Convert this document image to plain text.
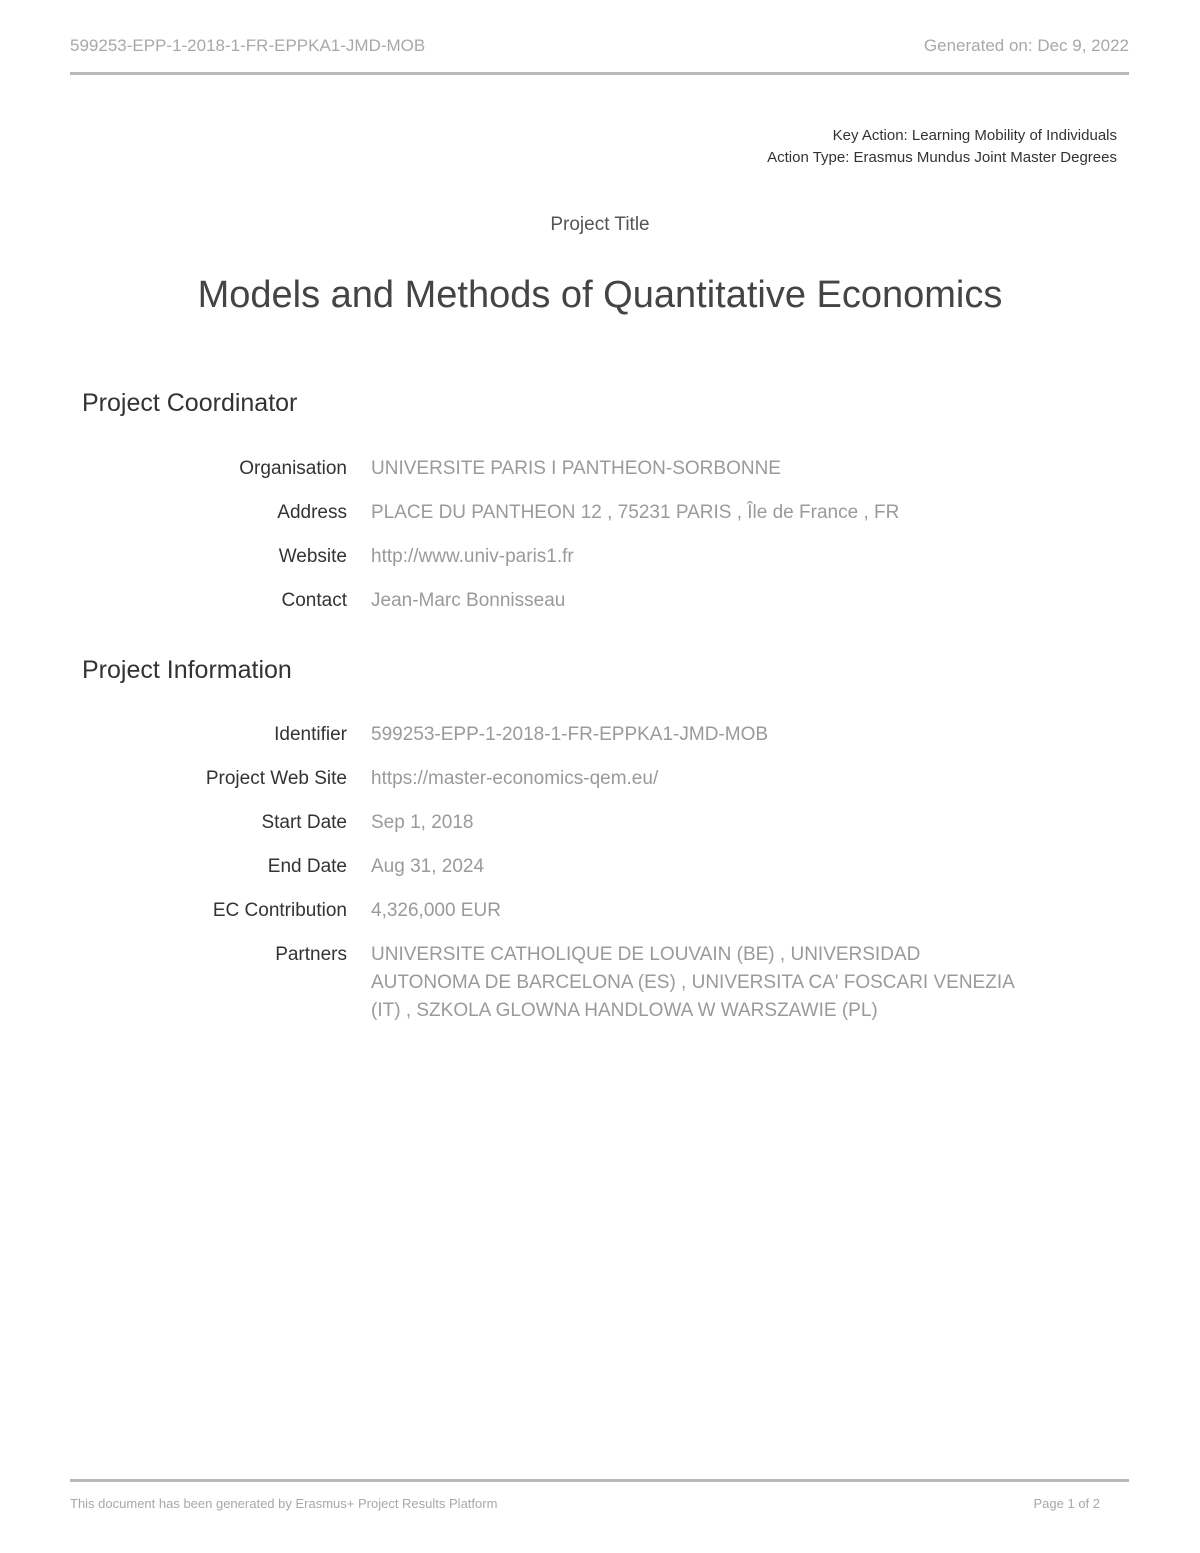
599253-EPP-1-2018-1-FR-EPPKA1-JMD-MOB	Generated on: Dec 9, 2022
Key Action: Learning Mobility of Individuals
Action Type: Erasmus Mundus Joint Master Degrees
Project Title
Models and Methods of Quantitative Economics
Project Coordinator
Organisation UNIVERSITE PARIS I PANTHEON-SORBONNE
Address PLACE DU PANTHEON 12 , 75231 PARIS , Île de France , FR
Website http://www.univ-paris1.fr
Contact Jean-Marc Bonnisseau
Project Information
Identifier 599253-EPP-1-2018-1-FR-EPPKA1-JMD-MOB
Project Web Site https://master-economics-qem.eu/
Start Date Sep 1, 2018
End Date Aug 31, 2024
EC Contribution 4,326,000 EUR
Partners UNIVERSITE CATHOLIQUE DE LOUVAIN (BE) , UNIVERSIDAD AUTONOMA DE BARCELONA (ES) , UNIVERSITA CA' FOSCARI VENEZIA (IT) , SZKOLA GLOWNA HANDLOWA W WARSZAWIE (PL)
This document has been generated by Erasmus+ Project Results Platform	Page 1 of 2
